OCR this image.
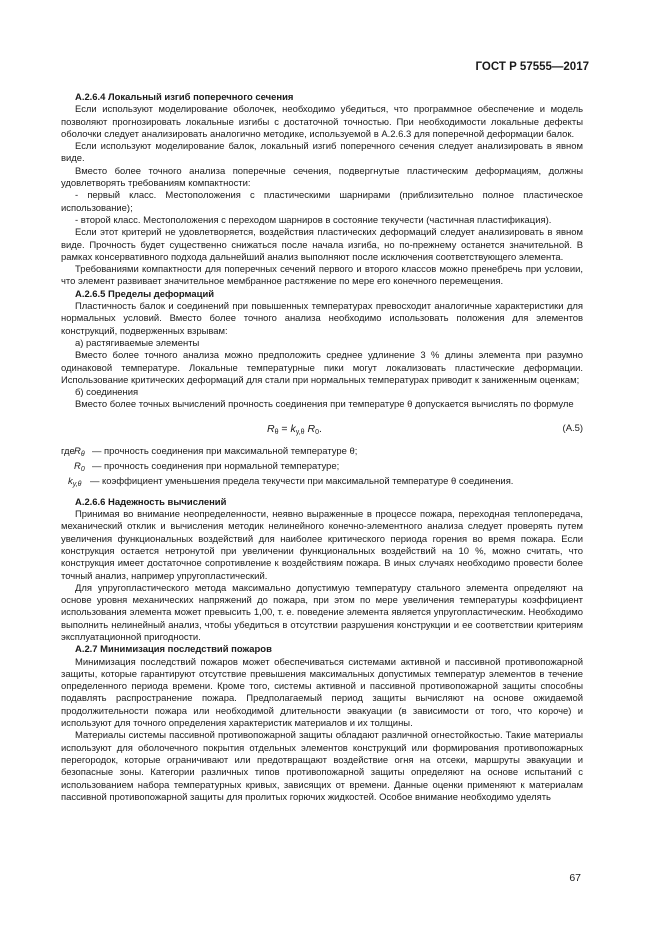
ГОСТ Р 57555—2017
А.2.6.4 Локальный изгиб поперечного сечения
Если используют моделирование оболочек, необходимо убедиться, что программное обеспечение и модель позволяют прогнозировать локальные изгибы с достаточной точностью. При необходимости локальные дефекты оболочки следует анализировать аналогично методике, используемой в А.2.6.3 для поперечной деформации балок.
Если используют моделирование балок, локальный изгиб поперечного сечения следует анализировать в явном виде.
Вместо более точного анализа поперечные сечения, подвергнутые пластическим деформациям, должны удовлетворять требованиям компактности:
- первый класс. Местоположения с пластическими шарнирами (приблизительно полное пластическое использование);
- второй класс. Местоположения с переходом шарниров в состояние текучести (частичная пластификация).
Если этот критерий не удовлетворяется, воздействия пластических деформаций следует анализировать в явном виде. Прочность будет существенно снижаться после начала изгиба, но по-прежнему останется значительной. В рамках консервативного подхода дальнейший анализ выполняют после исключения соответствующего элемента.
Требованиями компактности для поперечных сечений первого и второго классов можно пренебречь при условии, что элемент развивает значительное мембранное растяжение по мере его конечного перемещения.
А.2.6.5 Пределы деформаций
Пластичность балок и соединений при повышенных температурах превосходит аналогичные характеристики для нормальных условий. Вместо более точного анализа необходимо использовать положения для элементов конструкций, подверженных взрывам:
а) растягиваемые элементы
Вместо более точного анализа можно предположить среднее удлинение 3 % длины элемента при разумно одинаковой температуре. Локальные температурные пики могут локализовать пластические деформации. Использование критических деформаций для стали при нормальных температурах приводит к заниженным оценкам;
б) соединения
Вместо более точных вычислений прочность соединения при температуре θ допускается вычислять по формуле
$R_\theta = k_{y,\theta}$ $R_0$.	(А.5)
где $R_\theta$ — прочность соединения при максимальной температуре θ;
$R_0$ — прочность соединения при нормальной температуре;
$k_{y,\theta}$ — коэффициент уменьшения предела текучести при максимальной температуре θ соединения.
А.2.6.6 Надежность вычислений
Принимая во внимание неопределенности, неявно выраженные в процессе пожара, переходная теплопередача, механический отклик и вычисления методик нелинейного конечно-элементного анализа следует проверять путем увеличения функциональных воздействий для наиболее критического периода горения во время пожара. Если конструкция остается нетронутой при увеличении функциональных воздействий на 10 %, можно считать, что конструкция имеет достаточное сопротивление к воздействиям пожара. В иных случаях необходимо провести более точный анализ, например упругопластический.
Для упругопластического метода максимально допустимую температуру стального элемента определяют на основе уровня механических напряжений до пожара, при этом по мере увеличения температуры коэффициент использования элемента может превысить 1,00, т. е. поведение элемента является упругопластическим. Необходимо выполнить нелинейный анализ, чтобы убедиться в отсутствии разрушения конструкции и ее соответствии критериям эксплуатационной пригодности.
А.2.7 Минимизация последствий пожаров
Минимизация последствий пожаров может обеспечиваться системами активной и пассивной противопожарной защиты, которые гарантируют отсутствие превышения максимальных допустимых температур элементов в течение определенного периода времени. Кроме того, системы активной и пассивной противопожарной защиты способны подавлять распространение пожара. Предполагаемый период защиты вычисляют на основе ожидаемой продолжительности пожара или необходимой длительности эвакуации (в зависимости от того, что короче) и используют для точного определения характеристик материалов и их толщины.
Материалы системы пассивной противопожарной защиты обладают различной огнестойкостью. Такие материалы используют для оболочечного покрытия отдельных элементов конструкций или формирования противопожарных перегородок, которые ограничивают или предотвращают воздействие огня на отсеки, маршруты эвакуации и безопасные зоны. Категории различных типов противопожарной защиты определяют на основе испытаний с использованием набора температурных кривых, зависящих от времени. Данные оценки применяют к материалам пассивной противопожарной защиты для пролитых горючих жидкостей. Особое внимание необходимо уделять
67
